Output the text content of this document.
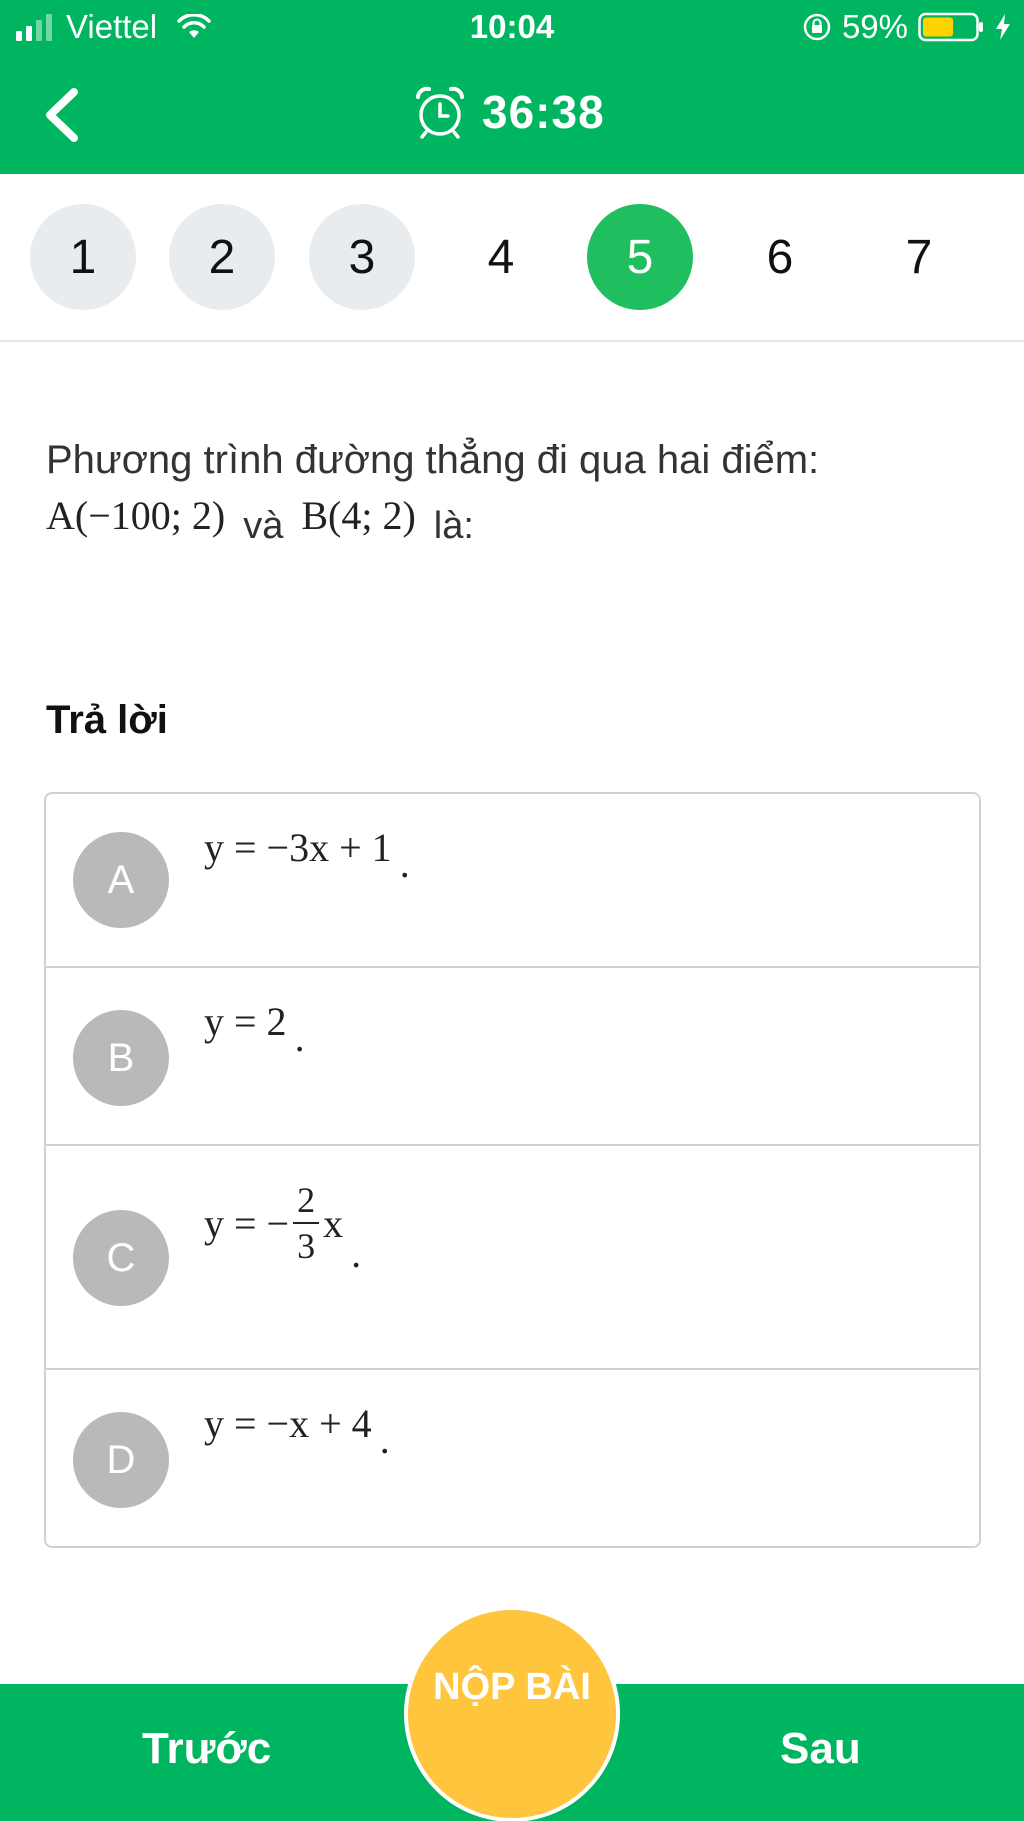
Viettel	10:04	59%
36:38
1	2	3	4	5	6	7
Phương trình đường thẳng đi qua hai điểm:
A(−100; 2) và B(4; 2) là:
Trả lời
A
y = −3x + 1 .
B
y = 2 .
C
y = − $\frac{2}{3}$ x
.
D
y = −x + 4 .
Trước	Sau
NỘP BÀI
